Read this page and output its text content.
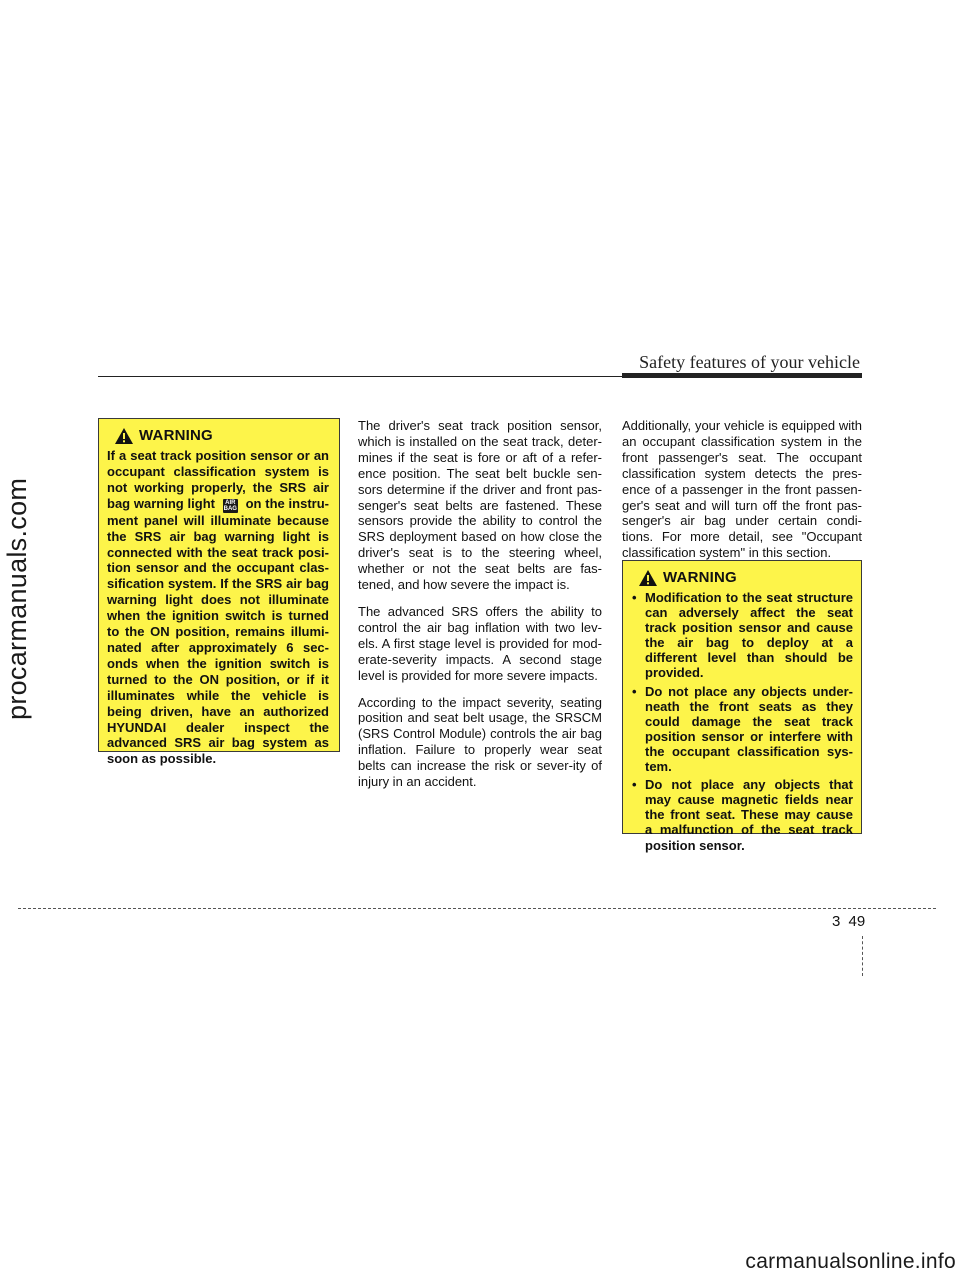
procarmanuals.com
Safety features of your vehicle
WARNING

If a seat track position sensor or an occupant classification system is not working properly, the SRS air bag warning light AIR
BAG on the instru-ment panel will illuminate because the SRS air bag warning light is connected with the seat track posi-tion sensor and the occupant clas-sification system. If the SRS air bag warning light does not illuminate when the ignition switch is turned to the ON position, remains illumi-nated after approximately 6 sec-onds when the ignition switch is turned to the ON position, or if it illuminates while the vehicle is being driven, have an authorized HYUNDAI dealer inspect the advanced SRS air bag system as soon as possible.

The driver's seat track position sensor, which is installed on the seat track, deter-mines if the seat is fore or aft of a refer-ence position. The seat belt buckle sen-sors determine if the driver and front pas-senger's seat belts are fastened. These sensors provide the ability to control the SRS deployment based on how close the driver's seat is to the steering wheel, whether or not the seat belts are fas-tened, and how severe the impact is.

The advanced SRS offers the ability to control the air bag inflation with two lev-els. A first stage level is provided for mod-erate-severity impacts. A second stage level is provided for more severe impacts.

According to the impact severity, seating position and seat belt usage, the SRSCM (SRS Control Module) controls the air bag inflation. Failure to properly wear seat belts can increase the risk or sever-ity of injury in an accident.

Additionally, your vehicle is equipped with an occupant classification system in the front passenger's seat. The occupant classification system detects the pres-ence of a passenger in the front passen-ger's seat and will turn off the front pas-senger's air bag under certain condi-tions. For more detail, see "Occupant classification system" in this section.

WARNING
• Modification to the seat structure can adversely affect the seat track position sensor and cause the air bag to deploy at a different level than should be provided.
• Do not place any objects under-neath the front seats as they could damage the seat track position sensor or interfere with the occupant classification sys-tem.
• Do not place any objects that may cause magnetic fields near the front seat. These may cause a malfunction of the seat track position sensor.
3 49
carmanualsonline.info
